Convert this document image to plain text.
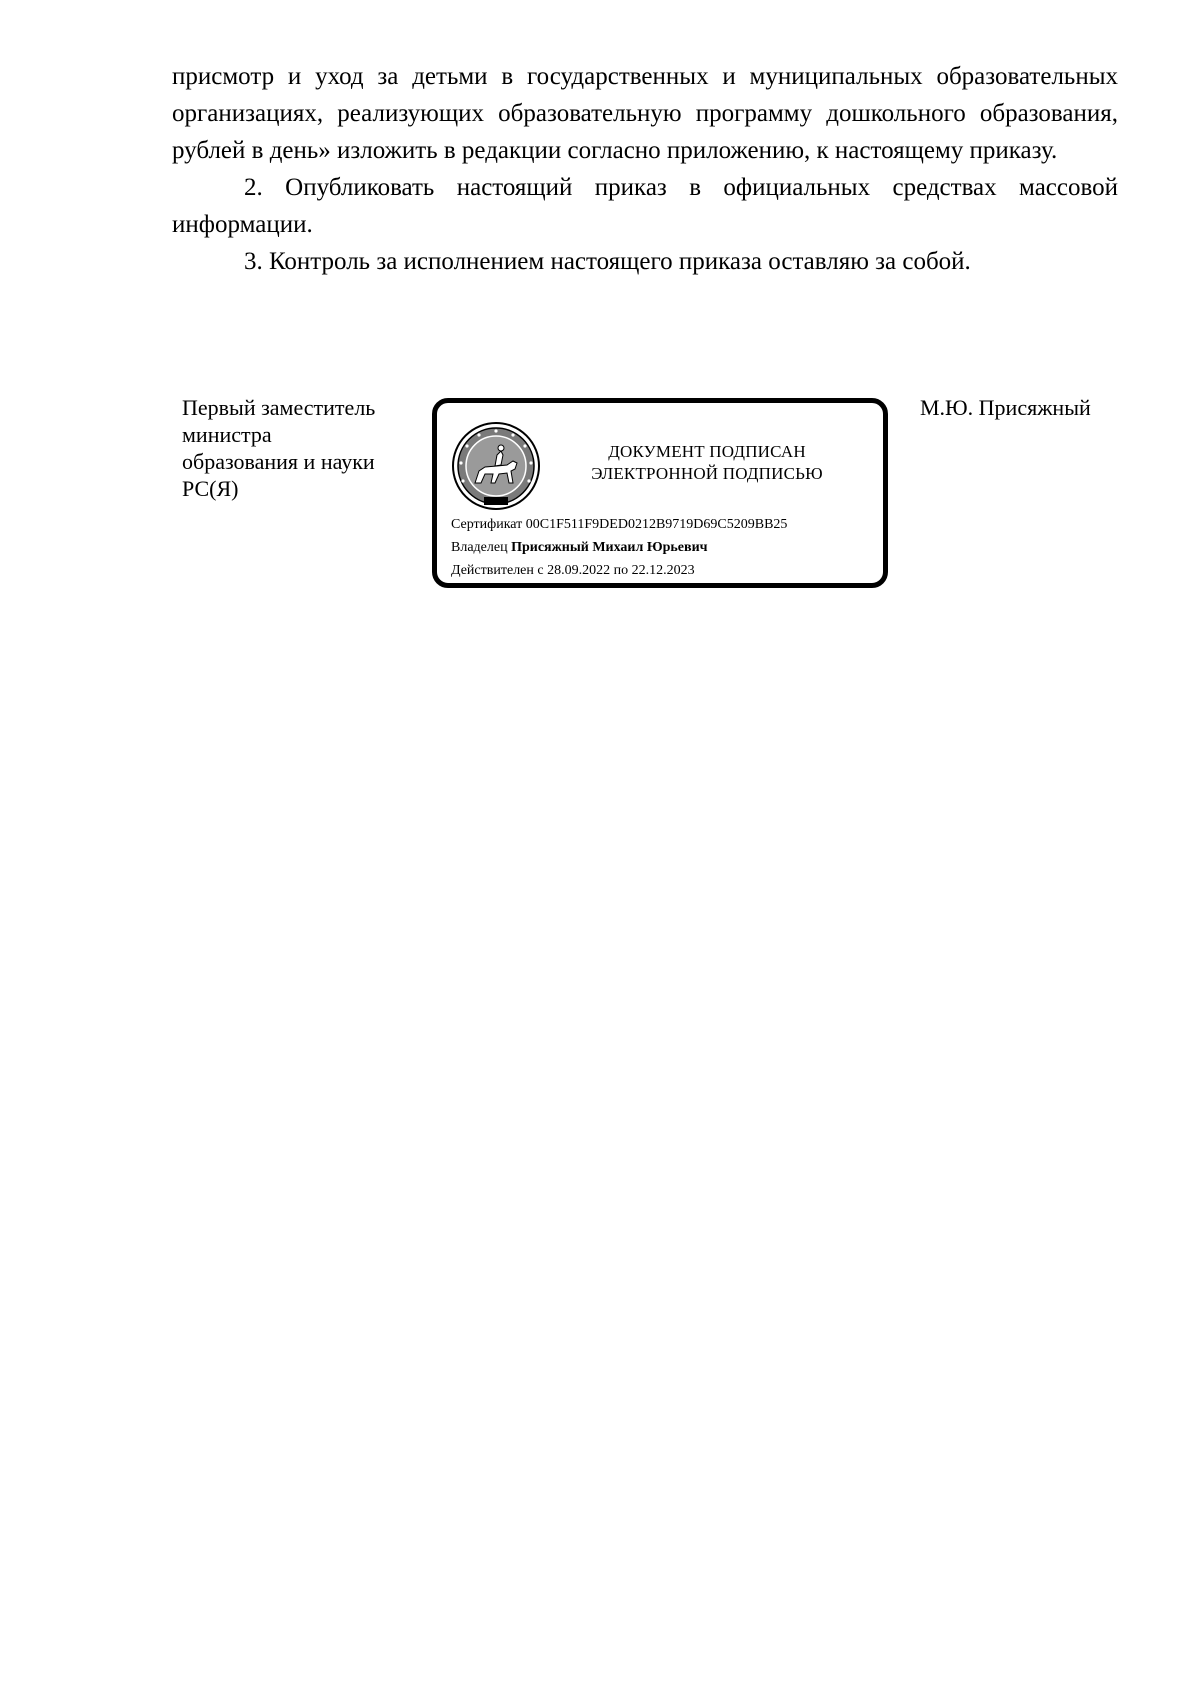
присмотр и уход за детьми в государственных и муниципальных образовательных организациях, реализующих образовательную программу дошкольного образования, рублей в день» изложить в редакции согласно приложению, к настоящему приказу.

2. Опубликовать настоящий приказ в официальных средствах массовой информации.

3. Контроль за исполнением настоящего приказа оставляю за собой.

Первый заместитель
министра
образования и науки
РС(Я)
М.Ю. Присяжный
ДОКУМЕНТ ПОДПИСАН
ЭЛЕКТРОННОЙ ПОДПИСЬЮ
Сертификат 00C1F511F9DED0212B9719D69C5209BB25
Владелец Присяжный Михаил Юрьевич
Действителен с 28.09.2022 по 22.12.2023
